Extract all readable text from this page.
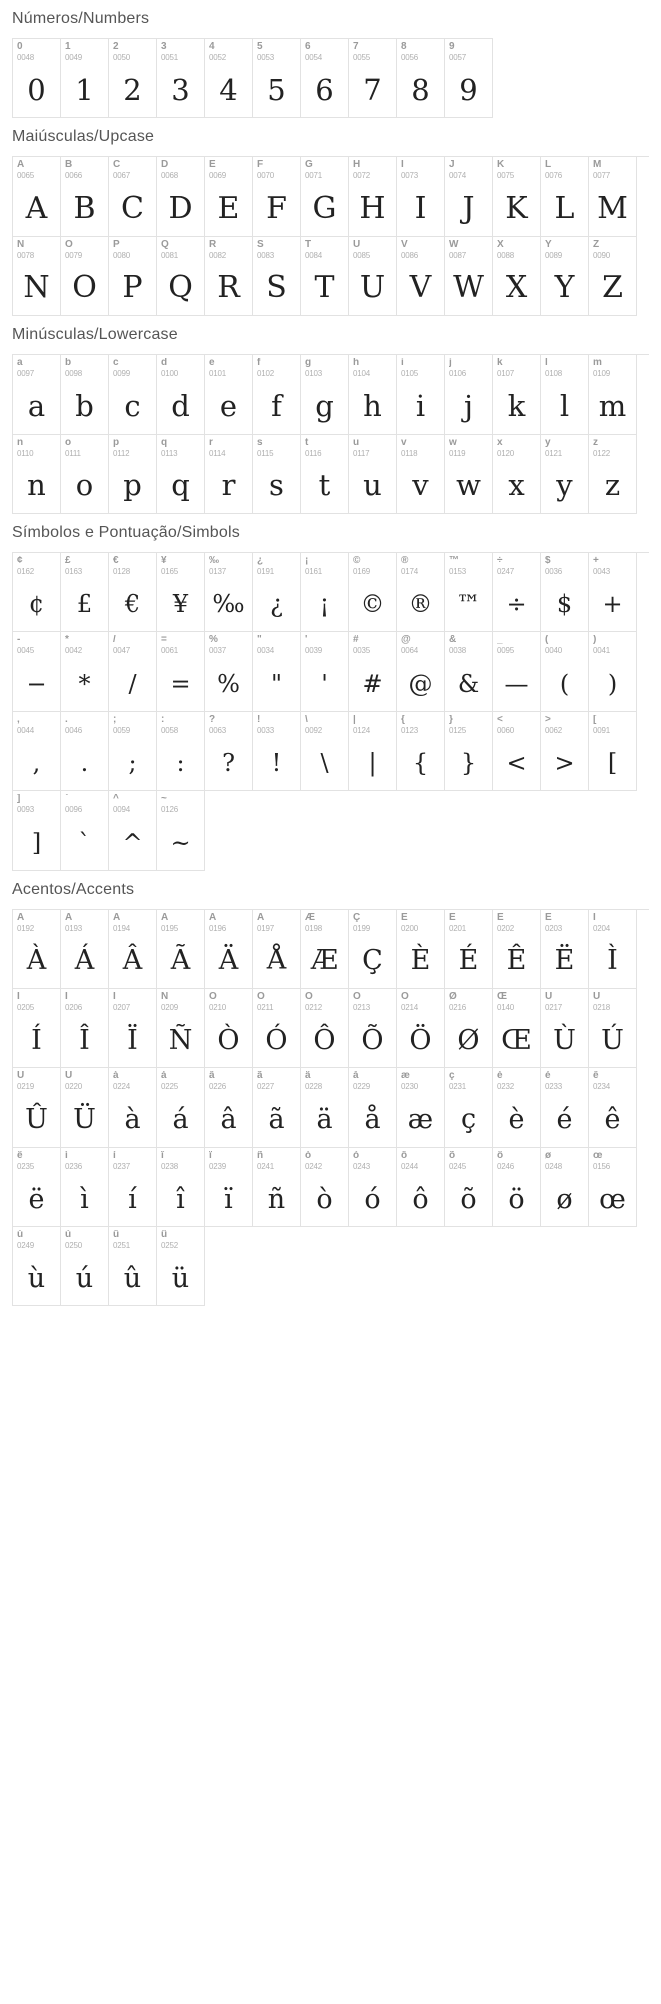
Números/Numbers
0
0048
0
1
0049
1
2
0050
2
3
0051
3
4
0052
4
5
0053
5
6
0054
6
7
0055
7
8
0056
8
9
0057
9
Maiúsculas/Upcase
A
0065
A
B
0066
B
C
0067
C
D
0068
D
E
0069
E
F
0070
F
G
0071
G
H
0072
H
I
0073
I
J
0074
J
K
0075
K
L
0076
L
M
0077
M
N
0078
N
O
0079
O
P
0080
P
Q
0081
Q
R
0082
R
S
0083
S
T
0084
T
U
0085
U
V
0086
V
W
0087
W
X
0088
X
Y
0089
Y
Z
0090
Z
Minúsculas/Lowercase
a
0097
a
b
0098
b
c
0099
c
d
0100
d
e
0101
e
f
0102
f
g
0103
g
h
0104
h
i
0105
i
j
0106
j
k
0107
k
l
0108
l
m
0109
m
n
0110
n
o
0111
o
p
0112
p
q
0113
q
r
0114
r
s
0115
s
t
0116
t
u
0117
u
v
0118
v
w
0119
w
x
0120
x
y
0121
y
z
0122
z
Símbolos e Pontuação/Simbols
¢
0162
¢
£
0163
£
€
0128
€
¥
0165
¥
‰
0137
‰
¿
0191
¿
¡
0161
¡
©
0169
©
®
0174
®
™
0153
™
÷
0247
÷
$
0036
$
+
0043
+
-
0045
−
*
0042
*
/
0047
/
=
0061
=
%
0037
%
"
0034
"
'
0039
'
#
0035
#
@
0064
@
&
0038
&
_
0095
—
(
0040
(
)
0041
)
,
0044
,
.
0046
.
;
0059
;
:
0058
:
?
0063
?
!
0033
!
\
0092
\
|
0124
|
{
0123
{
}
0125
}
<
0060
<
>
0062
>
[
0091
[
]
0093
]
`
0096
`
^
0094
^
~
0126
~
Acentos/Accents
À
0192
À
Á
0193
Á
Â
0194
Â
Ã
0195
Ã
Ä
0196
Ä
Å
0197
Å
Æ
0198
Æ
Ç
0199
Ç
È
0200
È
É
0201
É
Ê
0202
Ê
Ë
0203
Ë
Ì
0204
Ì
Í
0205
Í
Î
0206
Î
Ï
0207
Ï
Ñ
0209
Ñ
Ò
0210
Ò
Ó
0211
Ó
Ô
0212
Ô
Õ
0213
Õ
Ö
0214
Ö
Ø
0216
Ø
Œ
0140
Œ
Ù
0217
Ù
Ú
0218
Ú
Û
0219
Û
Ü
0220
Ü
à
0224
à
á
0225
á
â
0226
â
ã
0227
ã
ä
0228
ä
å
0229
å
æ
0230
æ
ç
0231
ç
è
0232
è
é
0233
é
ê
0234
ê
ë
0235
ë
ì
0236
ì
í
0237
í
î
0238
î
ï
0239
ï
ñ
0241
ñ
ò
0242
ò
ó
0243
ó
ô
0244
ô
õ
0245
õ
ö
0246
ö
ø
0248
ø
œ
0156
œ
ù
0249
ù
ú
0250
ú
û
0251
û
ü
0252
ü
